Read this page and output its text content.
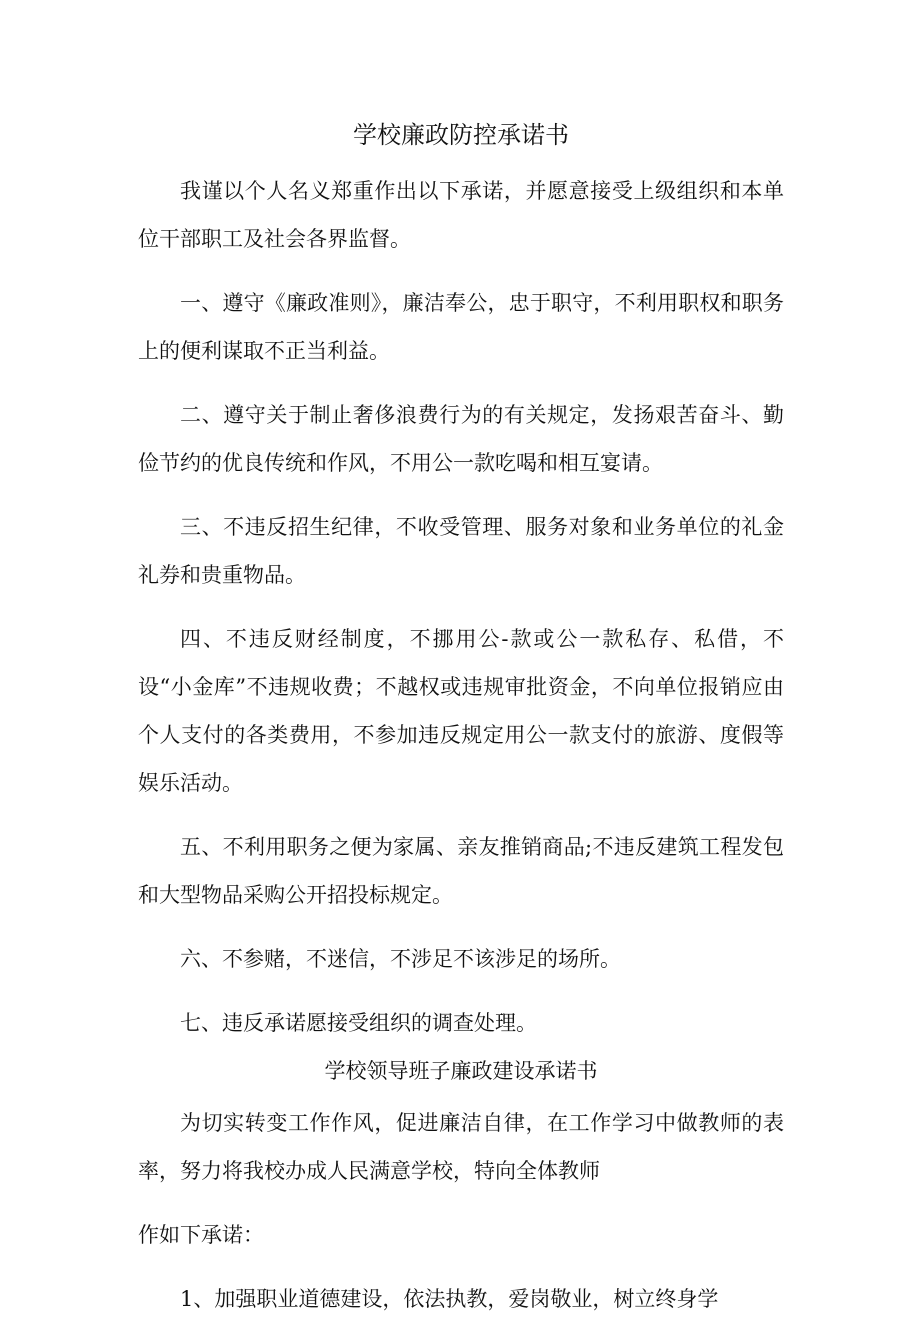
学校廉政防控承诺书

我谨以个人名义郑重作出以下承诺，并愿意接受上级组织和本单位干部职工及社会各界监督。

一、遵守《廉政准则》，廉洁奉公，忠于职守，不利用职权和职务上的便利谋取不正当利益。

二、遵守关于制止奢侈浪费行为的有关规定，发扬艰苦奋斗、勤俭节约的优良传统和作风，不用公一款吃喝和相互宴请。

三、不违反招生纪律，不收受管理、服务对象和业务单位的礼金礼券和贵重物品。

四、不违反财经制度，不挪用公-款或公一款私存、私借，不设“小金库”不违规收费；不越权或违规审批资金，不向单位报销应由个人支付的各类费用，不参加违反规定用公一款支付的旅游、度假等娱乐活动。

五、不利用职务之便为家属、亲友推销商品;不违反建筑工程发包和大型物品采购公开招投标规定。

六、不参赌，不迷信，不涉足不该涉足的场所。

七、违反承诺愿接受组织的调查处理。

学校领导班子廉政建设承诺书

为切实转变工作作风，促进廉洁自律，在工作学习中做教师的表率，努力将我校办成人民满意学校，特向全体教师

作如下承诺：

1、加强职业道德建设，依法执教，爱岗敬业，树立终身学
